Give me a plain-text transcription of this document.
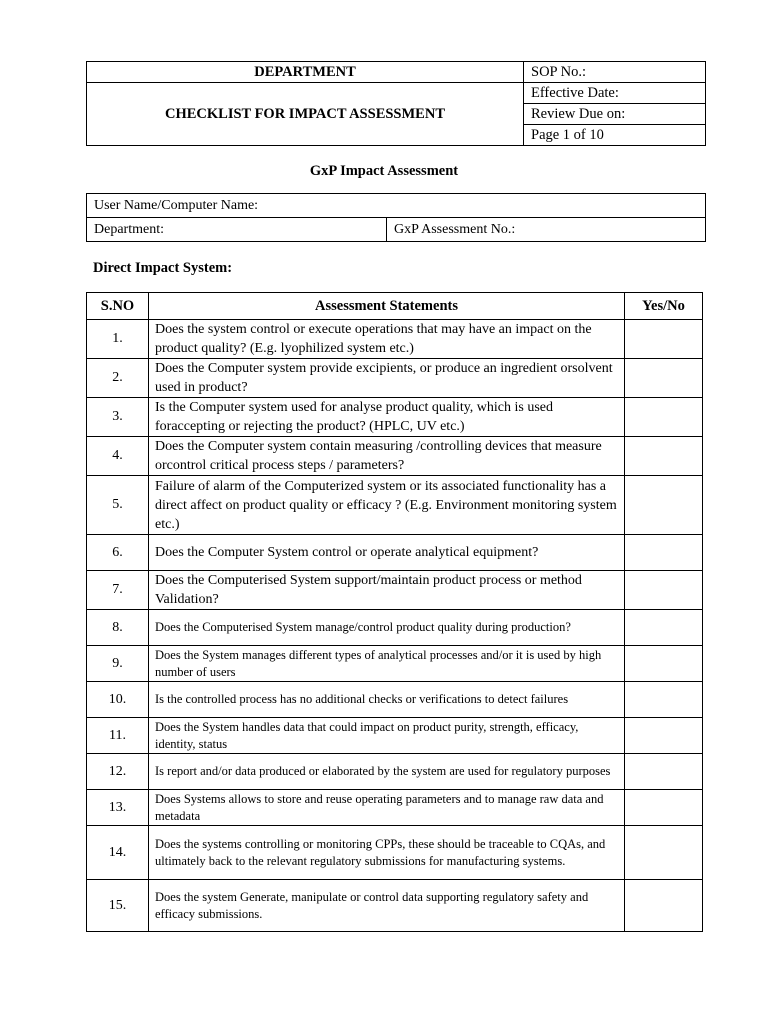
DEPARTMENT	SOP No.:
CHECKLIST FOR IMPACT ASSESSMENT	Effective Date:
	Review Due on:
	Page 1 of 10
GxP Impact Assessment
User Name/Computer Name:
Department:	GxP Assessment No.:
Direct Impact System:
S.NO	Assessment Statements	Yes/No
1.	Does the system control or execute operations that may have an impact on the product quality? (E.g. lyophilized system etc.)	
2.	Does the Computer system provide excipients, or produce an ingredient orsolvent used in product?	
3.	Is the Computer system used for analyse product quality, which is used foraccepting or rejecting the product? (HPLC, UV etc.)	
4.	Does the Computer system contain measuring /controlling devices that measure orcontrol critical process steps / parameters?	
5.	Failure of alarm of the Computerized system or its associated functionality has a direct affect on product quality or efficacy ? (E.g. Environment monitoring system etc.)	
6.	Does the Computer System control or operate analytical equipment?	
7.	Does the Computerised System support/maintain product process or method Validation?	
8.	Does the Computerised System manage/control product quality during production?	
9.	Does the System manages different types of analytical processes and/or it is used by high number of users	
10.	Is the controlled process has no additional checks or verifications to detect failures	
11.	Does the System handles data that could impact on product purity, strength, efficacy, identity, status	
12.	Is report and/or data produced or elaborated by the system are used for regulatory purposes	
13.	Does Systems allows to store and reuse operating parameters and to manage raw data and metadata	
14.	Does the systems controlling or monitoring CPPs, these should be traceable to CQAs, and ultimately back to the relevant regulatory submissions for manufacturing systems.	
15.	Does the system Generate, manipulate or control data supporting regulatory safety and efficacy submissions.	
